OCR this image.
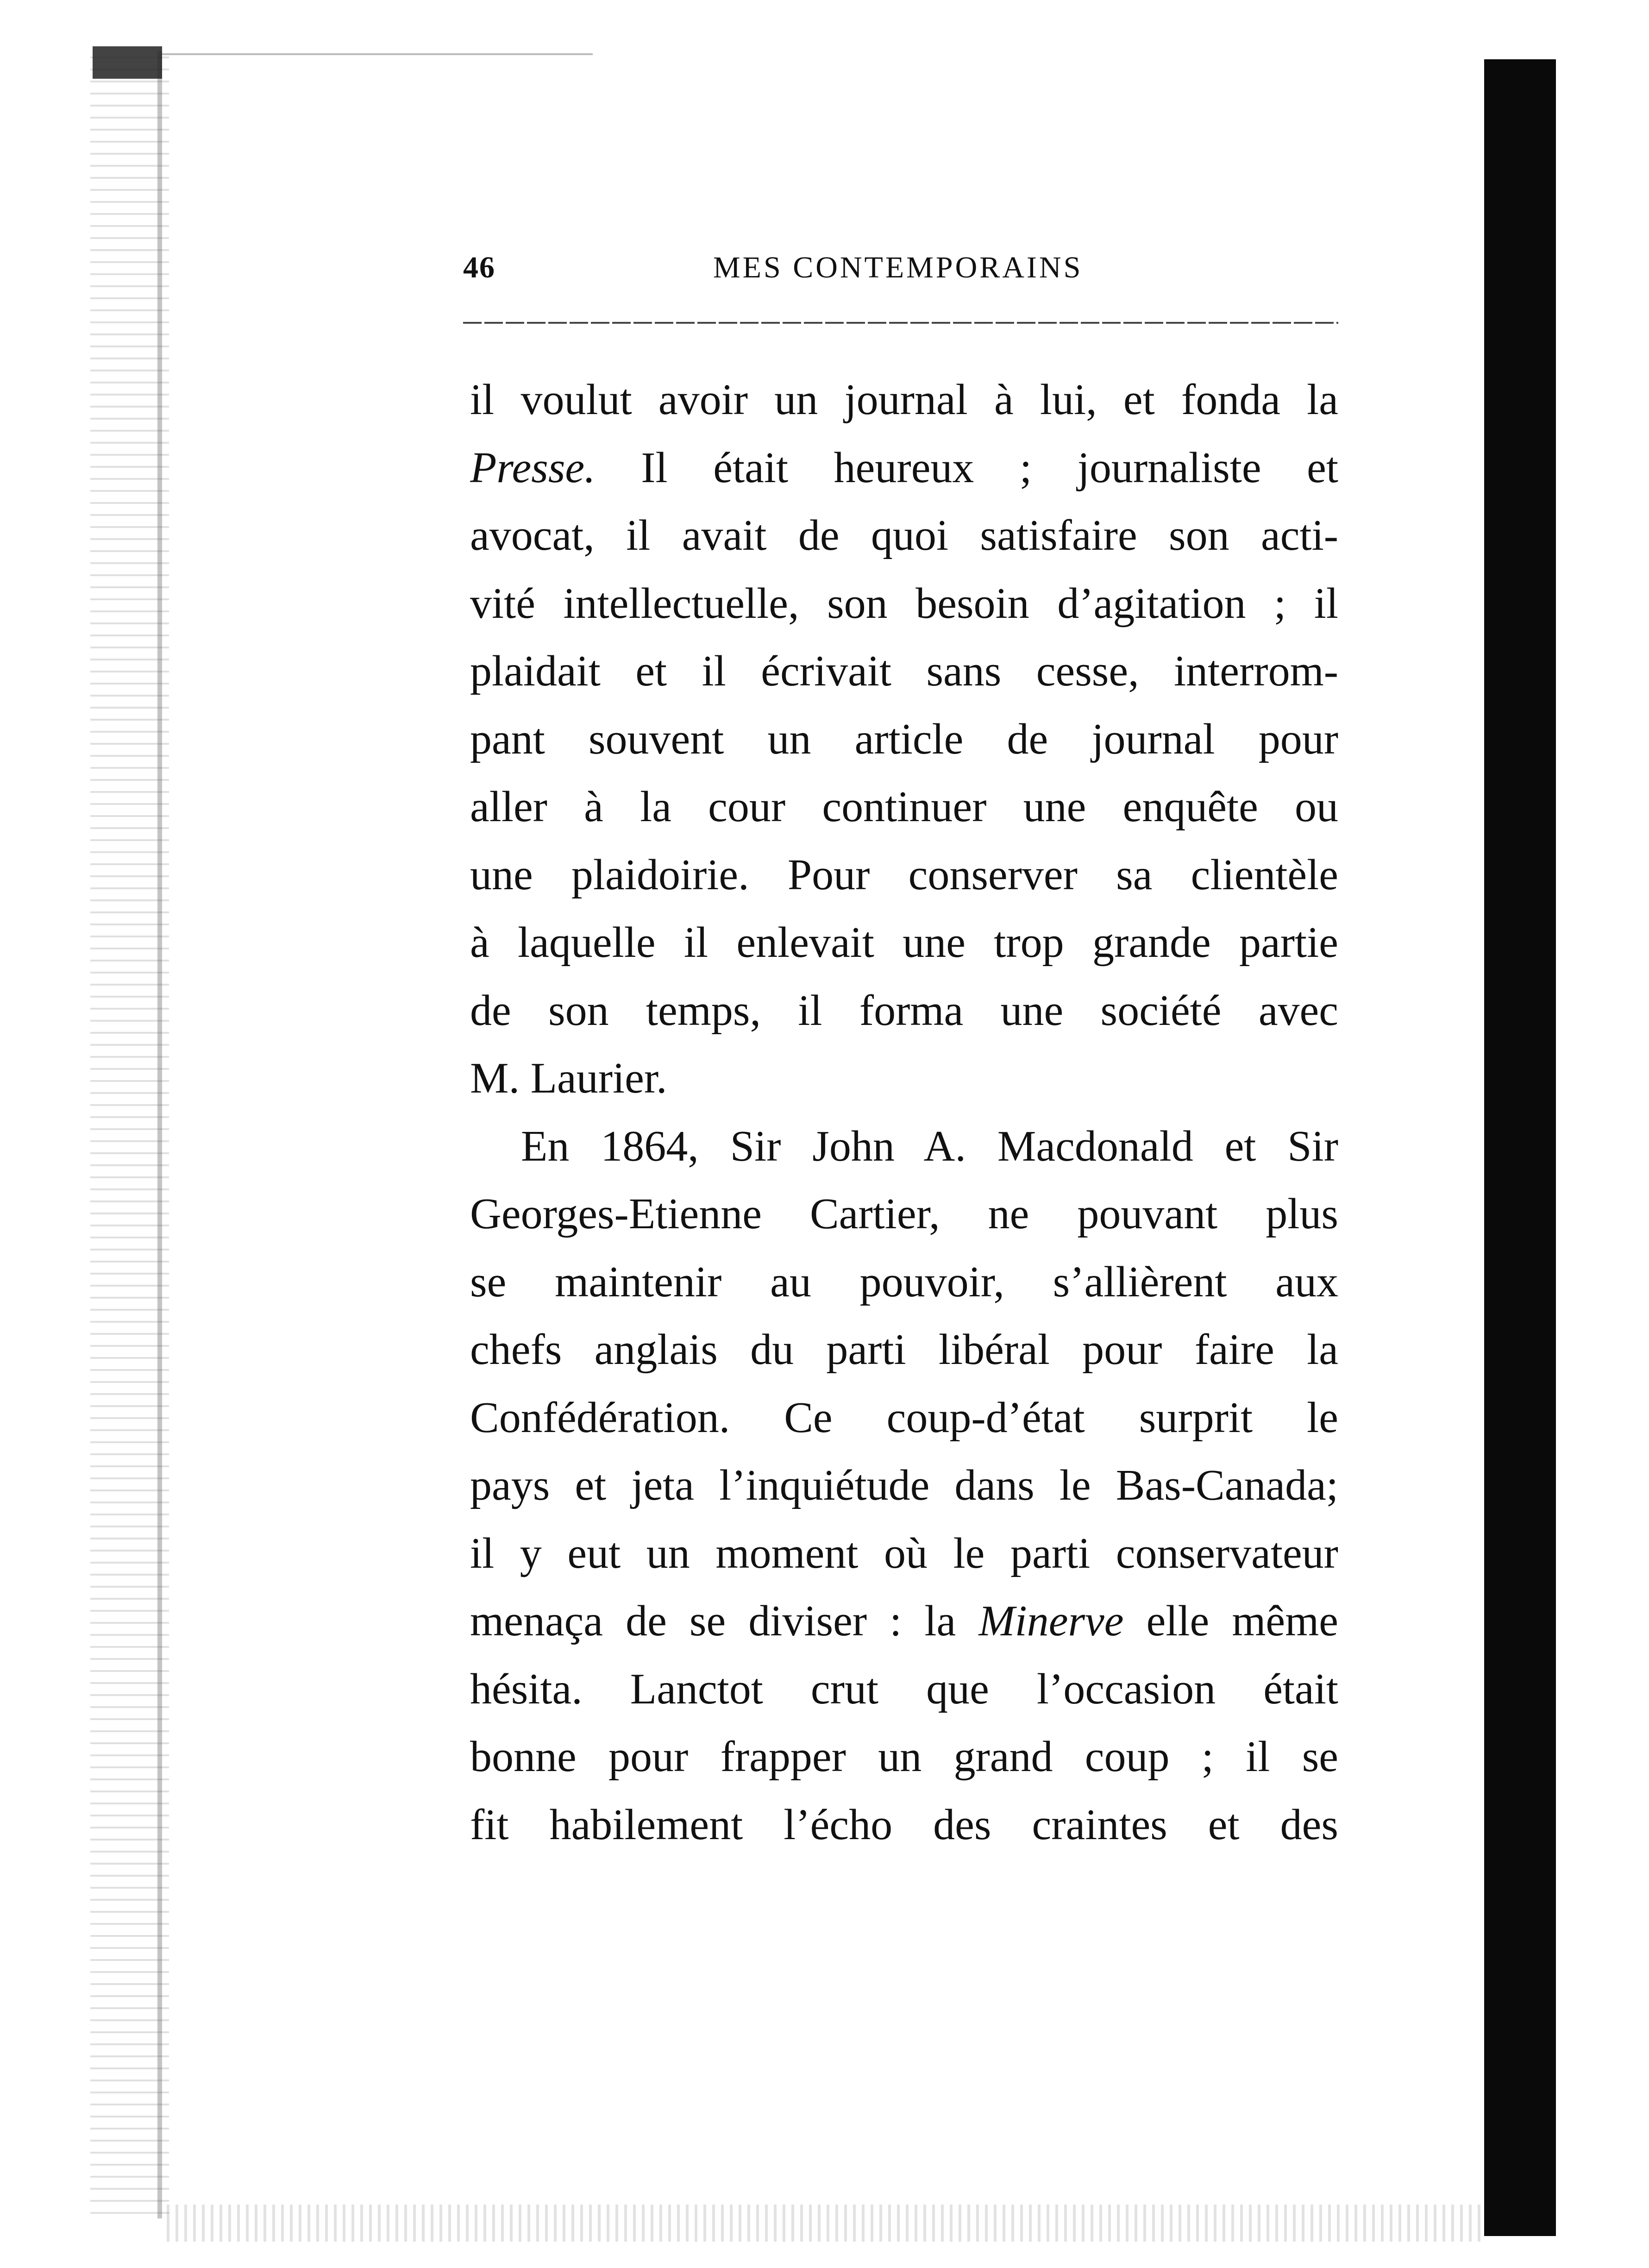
46	MES CONTEMPORAINS
il voulut avoir un journal à lui, et fonda la
Presse. Il était heureux ; journaliste et
avocat, il avait de quoi satisfaire son acti-
vité intellectuelle, son besoin d’agitation ; il
plaidait et il écrivait sans cesse, interrom-
pant souvent un article de journal pour
aller à la cour continuer une enquête ou
une plaidoirie. Pour conserver sa clientèle
à laquelle il enlevait une trop grande partie
de son temps, il forma une société avec
M. Laurier.
En 1864, Sir John A. Macdonald et Sir
Georges-Etienne Cartier, ne pouvant plus
se maintenir au pouvoir, s’allièrent aux
chefs anglais du parti libéral pour faire la
Confédération. Ce coup-d’état surprit le
pays et jeta l’inquiétude dans le Bas-Canada;
il y eut un moment où le parti conservateur
menaça de se diviser : la Minerve elle même
hésita. Lanctot crut que l’occasion était
bonne pour frapper un grand coup ; il se
fit habilement l’écho des craintes et des
